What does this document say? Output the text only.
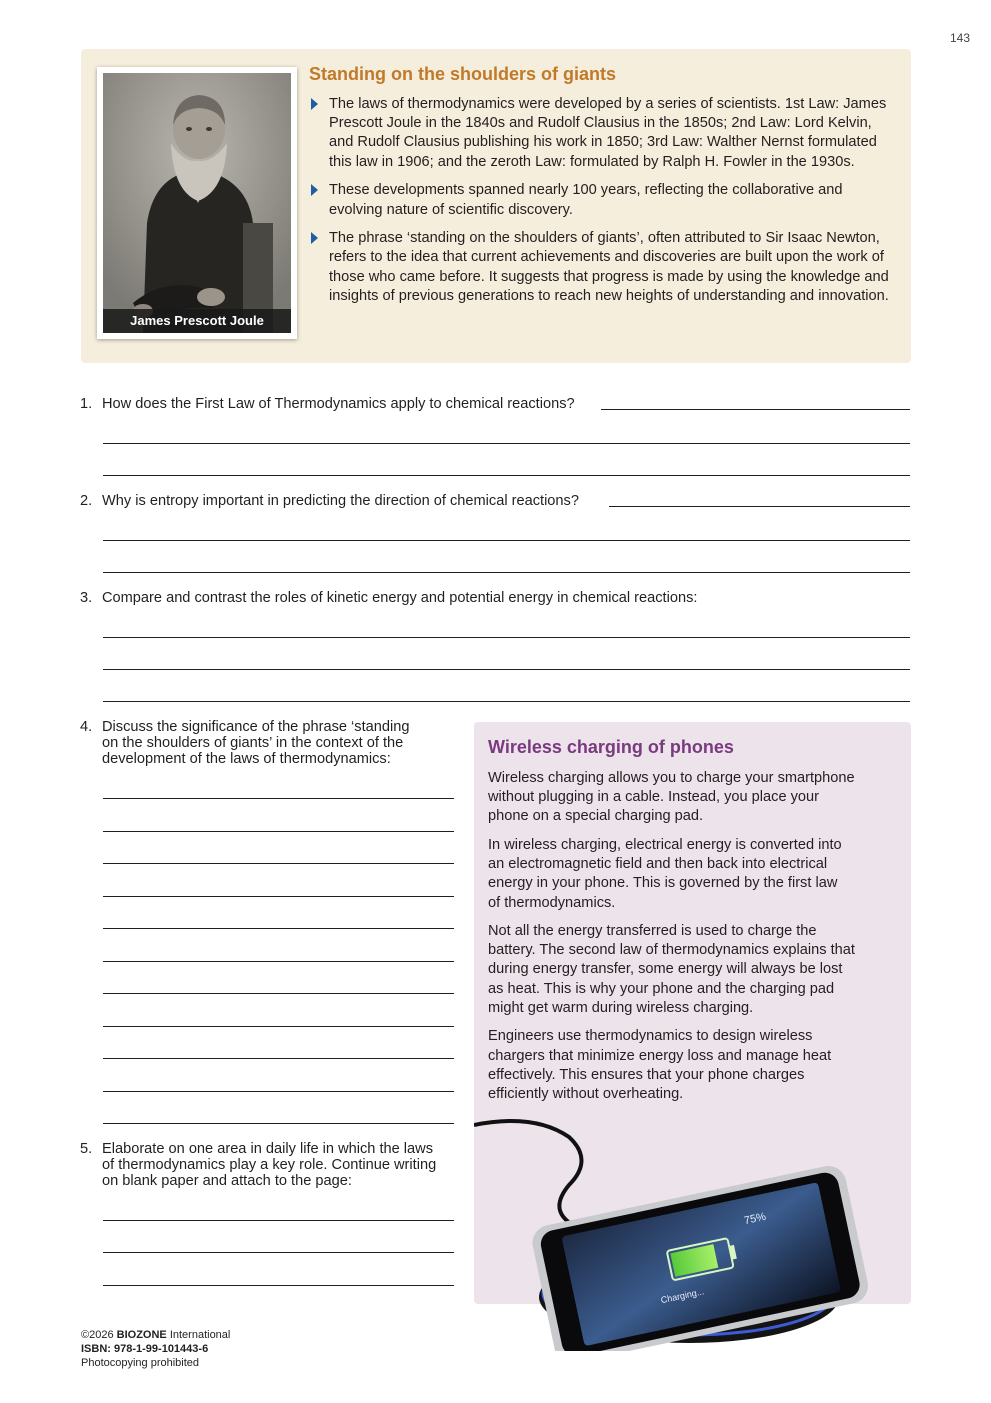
143
James Prescott Joule
Standing on the shoulders of giants
The laws of thermodynamics were developed by a series of scientists. 1st Law: James Prescott Joule in the 1840s and Rudolf Clausius in the 1850s; 2nd Law: Lord Kelvin, and Rudolf Clausius publishing his work in 1850; 3rd Law: Walther Nernst formulated this law in 1906; and the zeroth Law: formulated by Ralph H. Fowler in the 1930s.
These developments spanned nearly 100 years, reflecting the collaborative and evolving nature of scientific discovery.
The phrase ‘standing on the shoulders of giants’, often attributed to Sir Isaac Newton, refers to the idea that current achievements and discoveries are built upon the work of those who came before. It suggests that progress is made by using the knowledge and insights of previous generations to reach new heights of understanding and innovation.
1. How does the First Law of Thermodynamics apply to chemical reactions?
2. Why is entropy important in predicting the direction of chemical reactions?
3. Compare and contrast the roles of kinetic energy and potential energy in chemical reactions:
4. Discuss the significance of the phrase ‘standing
on the shoulders of giants’ in the context of the
development of the laws of thermodynamics:
5. Elaborate on one area in daily life in which the laws
of thermodynamics play a key role. Continue writing
on blank paper and attach to the page:
Wireless charging of phones

Wireless charging allows you to charge your smartphone
without plugging in a cable. Instead, you place your
phone on a special charging pad.

In wireless charging, electrical energy is converted into
an electromagnetic field and then back into electrical
energy in your phone. This is governed by the first law
of thermodynamics.

Not all the energy transferred is used to charge the
battery. The second law of thermodynamics explains that
during energy transfer, some energy will always be lost
as heat. This is why your phone and the charging pad
might get warm during wireless charging.

Engineers use thermodynamics to design wireless
chargers that minimize energy loss and manage heat
effectively. This ensures that your phone charges
efficiently without overheating.

75%
Charging...
©2026 BIOZONE International
ISBN: 978-1-99-101443-6
Photocopying prohibited
